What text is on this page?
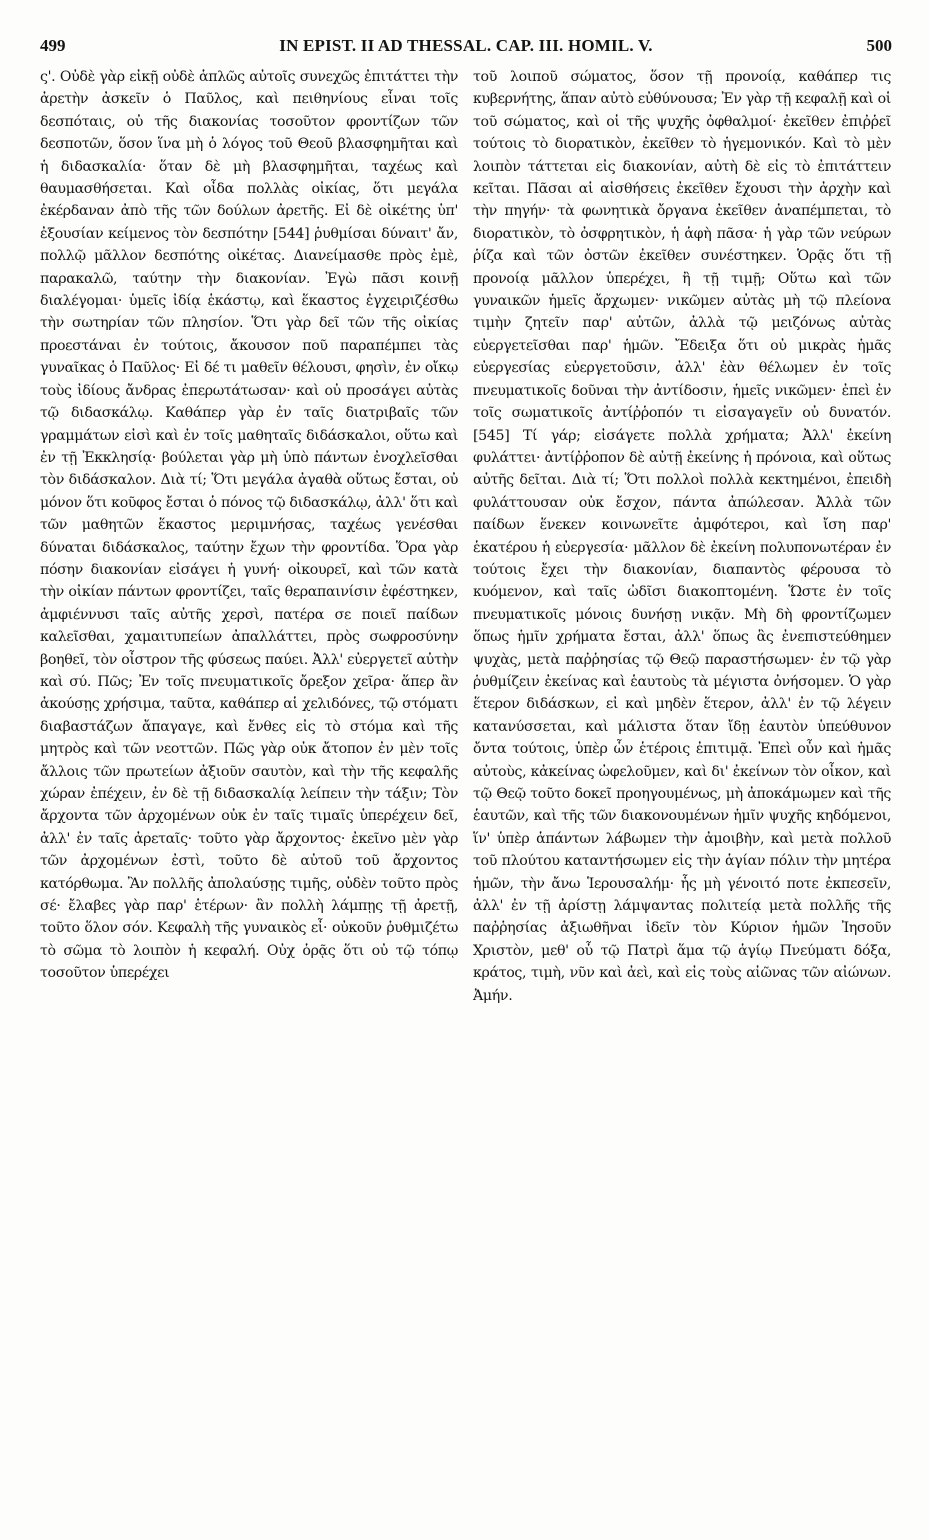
499	IN EPIST. II AD THESSAL. CAP. III. HOMIL. V.	500

ς'. Οὐδὲ γὰρ εἰκῇ οὐδὲ ἁπλῶς αὐτοῖς συνεχῶς ἐπιτάττει τὴν ἀρετὴν ἀσκεῖν ὁ Παῦλος, καὶ πειθηνίους εἶναι τοῖς δεσπόταις, οὐ τῆς διακονίας τοσοῦτον φροντίζων τῶν δεσποτῶν, ὅσον ἵνα μὴ ὁ λόγος τοῦ Θεοῦ βλασφημῆται καὶ ἡ διδασκαλία· ὅταν δὲ μὴ βλασφημῆται, ταχέως καὶ θαυμασθήσεται. Καὶ οἶδα πολλὰς οἰκίας, ὅτι μεγάλα ἐκέρδαναν ἀπὸ τῆς τῶν δούλων ἀρετῆς. Εἰ δὲ οἰκέτης ὑπ' ἐξουσίαν κείμενος τὸν δεσπότην [544] ῥυθμίσαι δύναιτ' ἄν, πολλῷ μᾶλλον δεσπότης οἰκέτας. Διανείμασθε πρὸς ἐμὲ, παρακαλῶ, ταύτην τὴν διακονίαν. Ἐγὼ πᾶσι κοινῇ διαλέγομαι· ὑμεῖς ἰδίᾳ ἑκάστῳ, καὶ ἕκαστος ἐγχειριζέσθω τὴν σωτηρίαν τῶν πλησίον. Ὅτι γὰρ δεῖ τῶν τῆς οἰκίας προεστάναι ἐν τούτοις, ἄκουσον ποῦ παραπέμπει τὰς γυναῖκας ὁ Παῦλος· Εἰ δέ τι μαθεῖν θέλουσι, φησὶν, ἐν οἴκῳ τοὺς ἰδίους ἄνδρας ἐπερωτάτωσαν· καὶ οὐ προσάγει αὐτὰς τῷ διδασκάλῳ. Καθάπερ γὰρ ἐν ταῖς διατριβαῖς τῶν γραμμάτων εἰσὶ καὶ ἐν τοῖς μαθηταῖς διδάσκαλοι, οὕτω καὶ ἐν τῇ Ἐκκλησίᾳ· βούλεται γὰρ μὴ ὑπὸ πάντων ἐνοχλεῖσθαι τὸν διδάσκαλον. Διὰ τί; Ὅτι μεγάλα ἀγαθὰ οὕτως ἔσται, οὐ μόνον ὅτι κοῦφος ἔσται ὁ πόνος τῷ διδασκάλῳ, ἀλλ' ὅτι καὶ τῶν μαθητῶν ἕκαστος μεριμνήσας, ταχέως γενέσθαι δύναται διδάσκαλος, ταύτην ἔχων τὴν φροντίδα. Ὅρα γὰρ πόσην διακονίαν εἰσάγει ἡ γυνή· οἰκουρεῖ, καὶ τῶν κατὰ τὴν οἰκίαν πάντων φροντίζει, ταῖς θεραπαινίσιν ἐφέστηκεν, ἀμφιέννυσι ταῖς αὐτῆς χερσὶ, πατέρα σε ποιεῖ παίδων καλεῖσθαι, χαμαιτυπείων ἀπαλλάττει, πρὸς σωφροσύνην βοηθεῖ, τὸν οἶστρον τῆς φύσεως παύει. Ἀλλ' εὐεργετεῖ αὐτὴν καὶ σύ. Πῶς; Ἐν τοῖς πνευματικοῖς ὄρεξον χεῖρα· ἅπερ ἂν ἀκούσῃς χρήσιμα, ταῦτα, καθάπερ αἱ χελιδόνες, τῷ στόματι διαβαστάζων ἄπαγαγε, καὶ ἔνθες εἰς τὸ στόμα καὶ τῆς μητρὸς καὶ τῶν νεοττῶν. Πῶς γὰρ οὐκ ἄτοπον ἐν μὲν τοῖς ἄλλοις τῶν πρωτείων ἀξιοῦν σαυτὸν, καὶ τὴν τῆς κεφαλῆς χώραν ἐπέχειν, ἐν δὲ τῇ διδασκαλίᾳ λείπειν τὴν τάξιν; Τὸν ἄρχοντα τῶν ἀρχομένων οὐκ ἐν ταῖς τιμαῖς ὑπερέχειν δεῖ, ἀλλ' ἐν ταῖς ἀρεταῖς· τοῦτο γὰρ ἄρχοντος· ἐκεῖνο μὲν γὰρ τῶν ἀρχομένων ἐστὶ, τοῦτο δὲ αὐτοῦ τοῦ ἄρχοντος κατόρθωμα. Ἂν πολλῆς ἀπολαύσῃς τιμῆς, οὐδὲν τοῦτο πρὸς σέ· ἔλαβες γὰρ παρ' ἑτέρων· ἂν πολλὴ λάμπῃς τῇ ἀρετῇ, τοῦτο ὅλον σόν. Κεφαλὴ τῆς γυναικὸς εἶ· οὐκοῦν ῥυθμιζέτω τὸ σῶμα τὸ λοιπὸν ἡ κεφαλή. Οὐχ ὁρᾷς ὅτι οὐ τῷ τόπῳ τοσοῦτον ὑπερέχει

τοῦ λοιποῦ σώματος, ὅσον τῇ προνοίᾳ, καθάπερ τις κυβερνήτης, ἅπαν αὐτὸ εὐθύνουσα; Ἐν γὰρ τῇ κεφαλῇ καὶ οἱ τοῦ σώματος, καὶ οἱ τῆς ψυχῆς ὀφθαλμοί· ἐκεῖθεν ἐπιῤῥεῖ τούτοις τὸ διορατικὸν, ἐκεῖθεν τὸ ἡγεμονικόν. Καὶ τὸ μὲν λοιπὸν τάττεται εἰς διακονίαν, αὐτὴ δὲ εἰς τὸ ἐπιτάττειν κεῖται. Πᾶσαι αἱ αἰσθήσεις ἐκεῖθεν ἔχουσι τὴν ἀρχὴν καὶ τὴν πηγήν· τὰ φωνητικὰ ὄργανα ἐκεῖθεν ἀναπέμπεται, τὸ διορατικὸν, τὸ ὀσφρητικὸν, ἡ ἁφὴ πᾶσα· ἡ γὰρ τῶν νεύρων ῥίζα καὶ τῶν ὀστῶν ἐκεῖθεν συνέστηκεν. Ὁρᾷς ὅτι τῇ προνοίᾳ μᾶλλον ὑπερέχει, ἢ τῇ τιμῇ; Οὕτω καὶ τῶν γυναικῶν ἡμεῖς ἄρχωμεν· νικῶμεν αὐτὰς μὴ τῷ πλείονα τιμὴν ζητεῖν παρ' αὐτῶν, ἀλλὰ τῷ μειζόνως αὐτὰς εὐεργετεῖσθαι παρ' ἡμῶν. Ἔδειξα ὅτι οὐ μικρὰς ἡμᾶς εὐεργεσίας εὐεργετοῦσιν, ἀλλ' ἐὰν θέλωμεν ἐν τοῖς πνευματικοῖς δοῦναι τὴν ἀντίδοσιν, ἡμεῖς νικῶμεν· ἐπεὶ ἐν τοῖς σωματικοῖς ἀντίῤῥοπόν τι εἰσαγαγεῖν οὐ δυνατόν. [545] Τί γάρ; εἰσάγετε πολλὰ χρήματα; Ἀλλ' ἐκείνη φυλάττει· ἀντίῤῥοπον δὲ αὐτῇ ἐκείνης ἡ πρόνοια, καὶ οὕτως αὐτῆς δεῖται. Διὰ τί; Ὅτι πολλοὶ πολλὰ κεκτημένοι, ἐπειδὴ φυλάττουσαν οὐκ ἔσχον, πάντα ἀπώλεσαν. Ἀλλὰ τῶν παίδων ἕνεκεν κοινωνεῖτε ἀμφότεροι, καὶ ἴση παρ' ἑκατέρου ἡ εὐεργεσία· μᾶλλον δὲ ἐκείνη πολυπονωτέραν ἐν τούτοις ἔχει τὴν διακονίαν, διαπαντὸς φέρουσα τὸ κυόμενον, καὶ ταῖς ὠδῖσι διακοπτομένη. Ὥστε ἐν τοῖς πνευματικοῖς μόνοις δυνήσῃ νικᾷν. Μὴ δὴ φροντίζωμεν ὅπως ἡμῖν χρήματα ἔσται, ἀλλ' ὅπως ἃς ἐνεπιστεύθημεν ψυχὰς, μετὰ παῤῥησίας τῷ Θεῷ παραστήσωμεν· ἐν τῷ γὰρ ῥυθμίζειν ἐκείνας καὶ ἑαυτοὺς τὰ μέγιστα ὀνήσομεν. Ὁ γὰρ ἕτερον διδάσκων, εἰ καὶ μηδὲν ἕτερον, ἀλλ' ἐν τῷ λέγειν κατανύσσεται, καὶ μάλιστα ὅταν ἴδῃ ἑαυτὸν ὑπεύθυνον ὄντα τούτοις, ὑπὲρ ὧν ἑτέροις ἐπιτιμᾷ. Ἐπεὶ οὖν καὶ ἡμᾶς αὐτοὺς, κἀκείνας ὠφελοῦμεν, καὶ δι' ἐκείνων τὸν οἶκον, καὶ τῷ Θεῷ τοῦτο δοκεῖ προηγουμένως, μὴ ἀποκάμωμεν καὶ τῆς ἑαυτῶν, καὶ τῆς τῶν διακονουμένων ἡμῖν ψυχῆς κηδόμενοι, ἵν' ὑπὲρ ἁπάντων λάβωμεν τὴν ἀμοιβὴν, καὶ μετὰ πολλοῦ τοῦ πλούτου καταντήσωμεν εἰς τὴν ἁγίαν πόλιν τὴν μητέρα ἡμῶν, τὴν ἄνω Ἱερουσαλήμ· ἧς μὴ γένοιτό ποτε ἐκπεσεῖν, ἀλλ' ἐν τῇ ἀρίστῃ λάμψαντας πολιτείᾳ μετὰ πολλῆς τῆς παῤῥησίας ἀξιωθῆναι ἰδεῖν τὸν Κύριον ἡμῶν Ἰησοῦν Χριστὸν, μεθ' οὗ τῷ Πατρὶ ἅμα τῷ ἁγίῳ Πνεύματι δόξα, κράτος, τιμὴ, νῦν καὶ ἀεὶ, καὶ εἰς τοὺς αἰῶνας τῶν αἰώνων. Ἀμήν.
